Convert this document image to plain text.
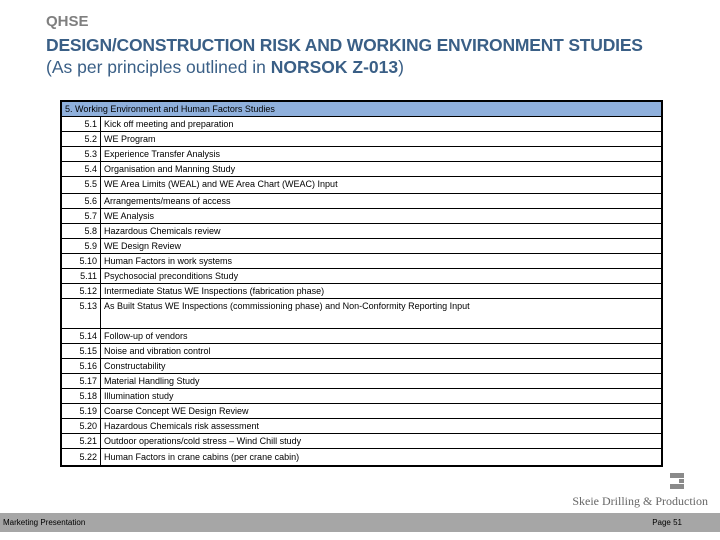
QHSE
DESIGN/CONSTRUCTION RISK AND WORKING ENVIRONMENT STUDIES
(As per principles outlined in NORSOK Z-013)
5. Working Environment and Human Factors Studies	
5.1	Kick off meeting and preparation
5.2	WE Program
5.3	Experience Transfer Analysis
5.4	Organisation and Manning Study
5.5	WE Area Limits (WEAL) and WE Area Chart (WEAC) Input
5.6	Arrangements/means of access
5.7	WE Analysis
5.8	Hazardous Chemicals review
5.9	WE Design Review
5.10	Human Factors in work systems
5.11	Psychosocial preconditions Study
5.12	Intermediate Status WE Inspections (fabrication phase)
5.13	As Built Status WE Inspections (commissioning phase) and Non-Conformity Reporting Input
5.14	Follow-up of vendors
5.15	Noise and vibration control
5.16	Constructability
5.17	Material Handling Study
5.18	Illumination study
5.19	Coarse Concept WE Design Review
5.20	Hazardous Chemicals risk assessment
5.21	Outdoor operations/cold stress – Wind Chill study
5.22	Human Factors in crane cabins (per crane cabin)
Skeie Drilling & Production
Marketing Presentation	Page 51
